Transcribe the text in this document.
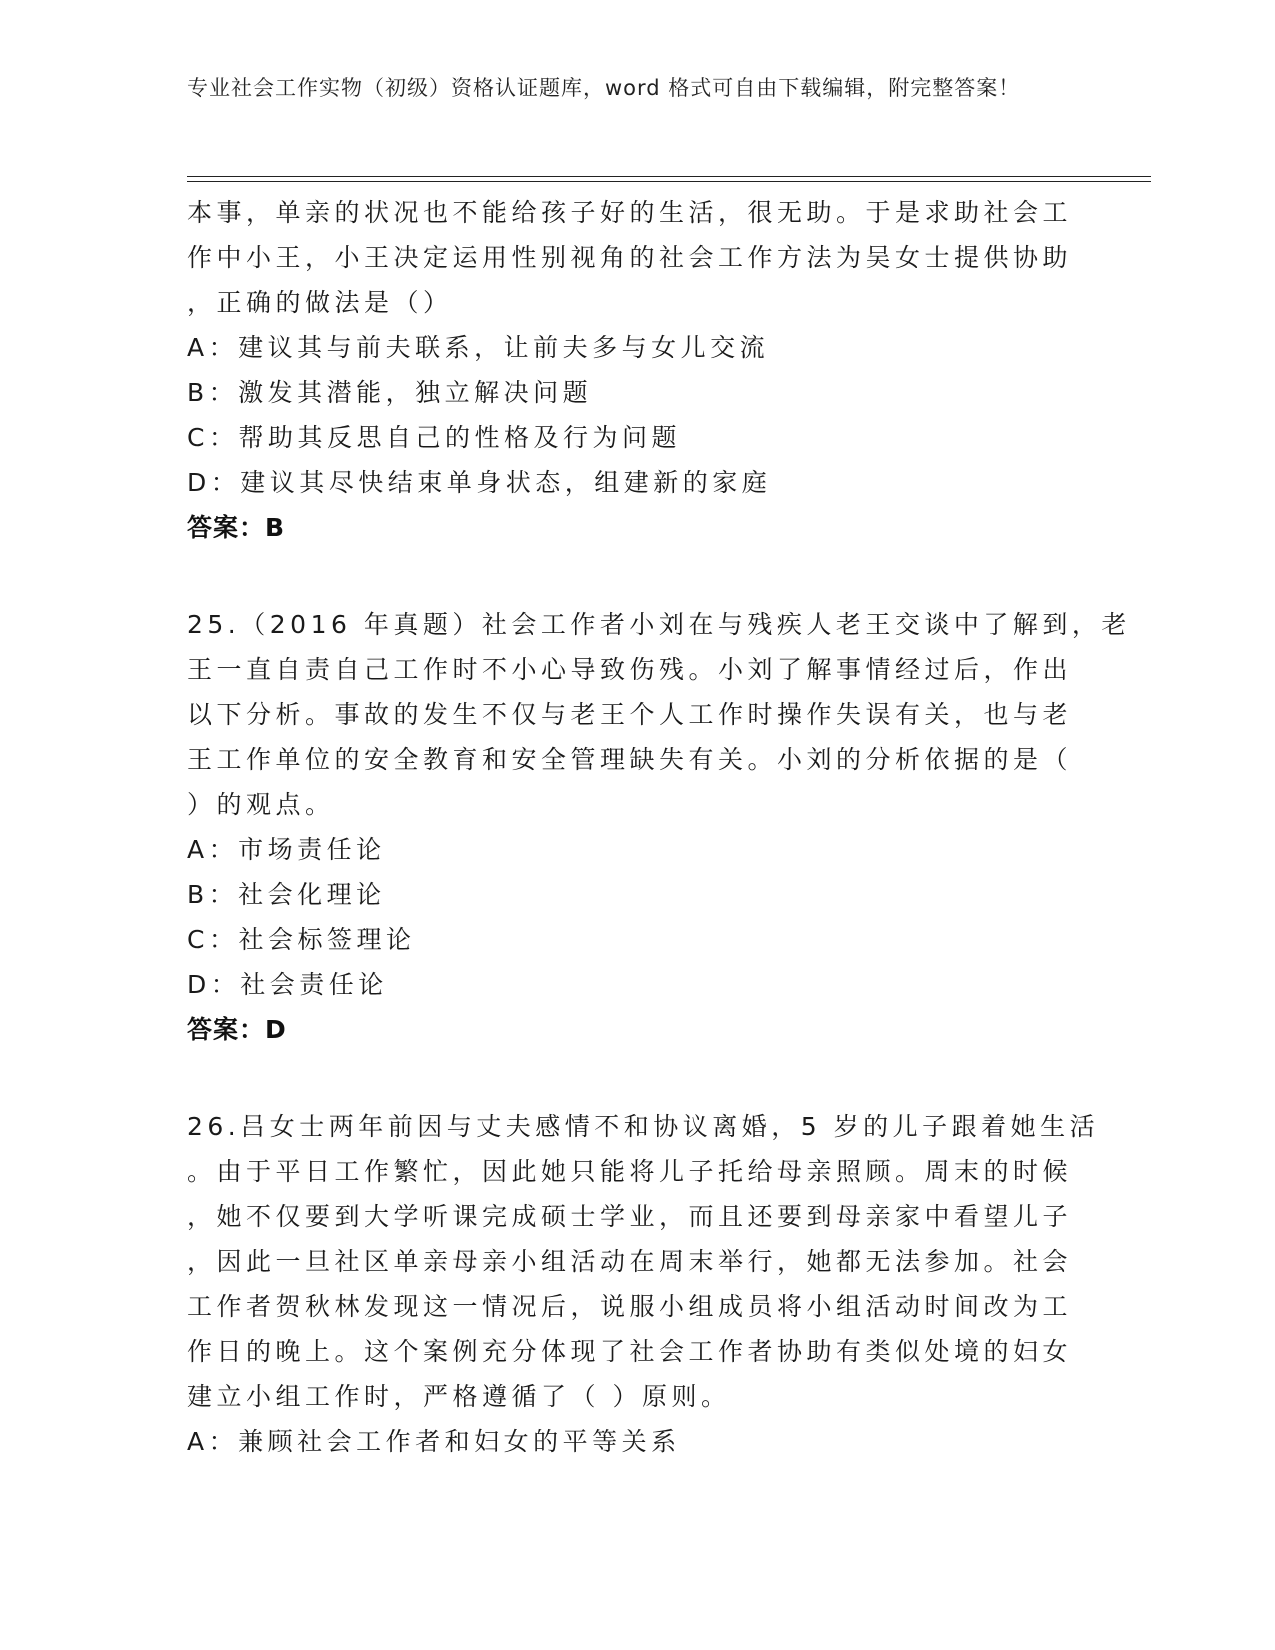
专业社会工作实物（初级）资格认证题库，word 格式可自由下载编辑，附完整答案！
本事，单亲的状况也不能给孩子好的生活，很无助。于是求助社会工
作中小王，小王决定运用性别视角的社会工作方法为吴女士提供协助
，正确的做法是（）
A：建议其与前夫联系，让前夫多与女儿交流
B：激发其潜能，独立解决问题
C：帮助其反思自己的性格及行为问题
D：建议其尽快结束单身状态，组建新的家庭
答案：B
25.（2016 年真题）社会工作者小刘在与残疾人老王交谈中了解到，老
王一直自责自己工作时不小心导致伤残。小刘了解事情经过后，作出
以下分析。事故的发生不仅与老王个人工作时操作失误有关，也与老
王工作单位的安全教育和安全管理缺失有关。小刘的分析依据的是（
）的观点。
A：市场责任论
B：社会化理论
C：社会标签理论
D：社会责任论
答案：D
26.吕女士两年前因与丈夫感情不和协议离婚，5 岁的儿子跟着她生活
。由于平日工作繁忙，因此她只能将儿子托给母亲照顾。周末的时候
，她不仅要到大学听课完成硕士学业，而且还要到母亲家中看望儿子
，因此一旦社区单亲母亲小组活动在周末举行，她都无法参加。社会
工作者贺秋林发现这一情况后，说服小组成员将小组活动时间改为工
作日的晚上。这个案例充分体现了社会工作者协助有类似处境的妇女
建立小组工作时，严格遵循了（ ）原则。
A：兼顾社会工作者和妇女的平等关系
